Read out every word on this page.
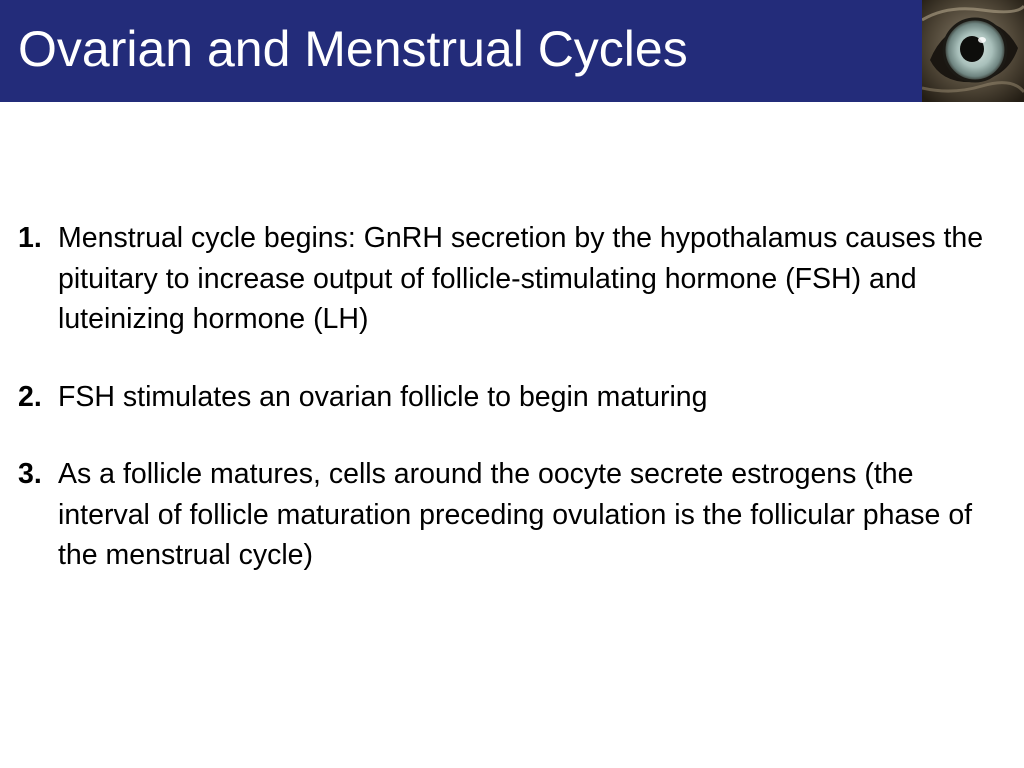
Ovarian and Menstrual Cycles
1. Menstrual cycle begins: GnRH secretion by the hypothalamus causes the pituitary to increase output of follicle-stimulating hormone (FSH) and luteinizing hormone (LH)
2. FSH stimulates an ovarian follicle to begin maturing
3. As a follicle matures, cells around the oocyte secrete estrogens (the interval of follicle maturation preceding ovulation is the follicular phase of the menstrual cycle)
